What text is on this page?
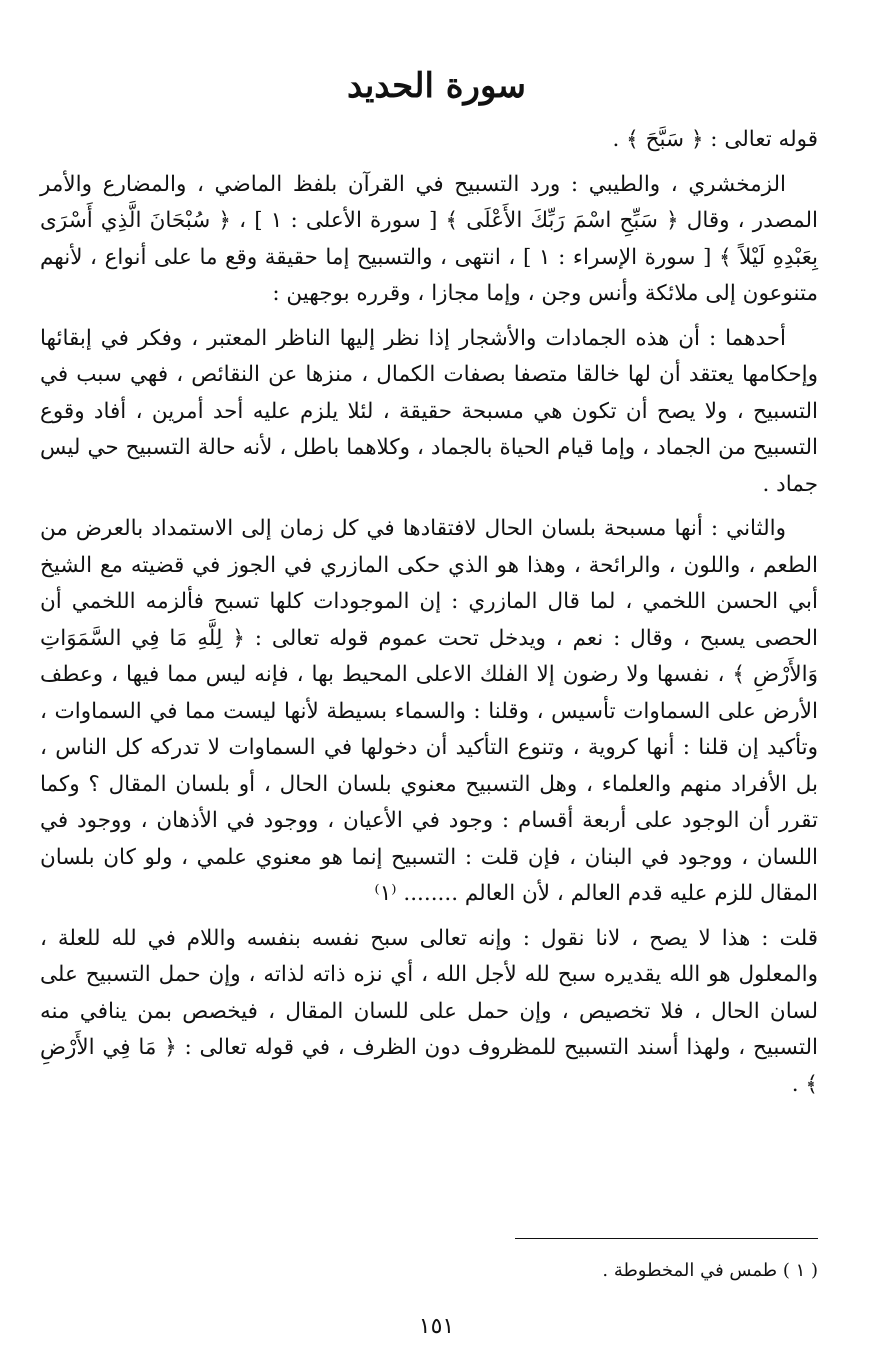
سورة الحديد

قوله تعالى : ﴿ سَبَّحَ ﴾ .

الزمخشري ، والطيبي : ورد التسبيح في القرآن بلفظ الماضي ، والمضارع والأمر المصدر ، وقال ﴿ سَبِّحِ اسْمَ رَبِّكَ الأَعْلَى ﴾ [ سورة الأعلى : ١ ] ، ﴿ سُبْحَانَ الَّذِي أَسْرَى بِعَبْدِهِ لَيْلاً ﴾ [ سورة الإسراء : ١ ] ، انتهى ، والتسبيح إما حقيقة وقع ما على أنواع ، لأنهم متنوعون إلى ملائكة وأنس وجن ، وإما مجازا ، وقرره بوجهين :

أحدهما : أن هذه الجمادات والأشجار إذا نظر إليها الناظر المعتبر ، وفكر في إبقائها وإحكامها يعتقد أن لها خالقا متصفا بصفات الكمال ، منزها عن النقائص ، فهي سبب في التسبيح ، ولا يصح أن تكون هي مسبحة حقيقة ، لئلا يلزم عليه أحد أمرين ، أفاد وقوع التسبيح من الجماد ، وإما قيام الحياة بالجماد ، وكلاهما باطل ، لأنه حالة التسبيح حي ليس جماد .

والثاني : أنها مسبحة بلسان الحال لافتقادها في كل زمان إلى الاستمداد بالعرض من الطعم ، واللون ، والرائحة ، وهذا هو الذي حكى المازري في الجوز في قضيته مع الشيخ أبي الحسن اللخمي ، لما قال المازري : إن الموجودات كلها تسبح فألزمه اللخمي أن الحصى يسبح ، وقال : نعم ، ويدخل تحت عموم قوله تعالى : ﴿ لِلَّهِ مَا فِي السَّمَوَاتِ وَالأَرْضِ ﴾ ، نفسها ولا رضون إلا الفلك الاعلى المحيط بها ، فإنه ليس مما فيها ، وعطف الأرض على السماوات تأسيس ، وقلنا : والسماء بسيطة لأنها ليست مما في السماوات ، وتأكيد إن قلنا : أنها كروية ، وتنوع التأكيد أن دخولها في السماوات لا تدركه كل الناس ، بل الأفراد منهم والعلماء ، وهل التسبيح معنوي بلسان الحال ، أو بلسان المقال ؟ وكما تقرر أن الوجود على أربعة أقسام : وجود في الأعيان ، ووجود في الأذهان ، ووجود في اللسان ، ووجود في البنان ، فإن قلت : التسبيح إنما هو معنوي علمي ، ولو كان بلسان المقال للزم عليه قدم العالم ، لأن العالم ........ ⁽١⁾

قلت : هذا لا يصح ، لانا نقول : وإنه تعالى سبح نفسه بنفسه واللام في لله للعلة ، والمعلول هو الله يقديره سبح لله لأجل الله ، أي نزه ذاته لذاته ، وإن حمل التسبيح على لسان الحال ، فلا تخصيص ، وإن حمل على للسان المقال ، فيخصص بمن ينافي منه التسبيح ، ولهذا أسند التسبيح للمظروف دون الظرف ، في قوله تعالى : ﴿ مَا فِي الأَرْضِ ﴾ .

( ١ ) طمس في المخطوطة .
١٥١
